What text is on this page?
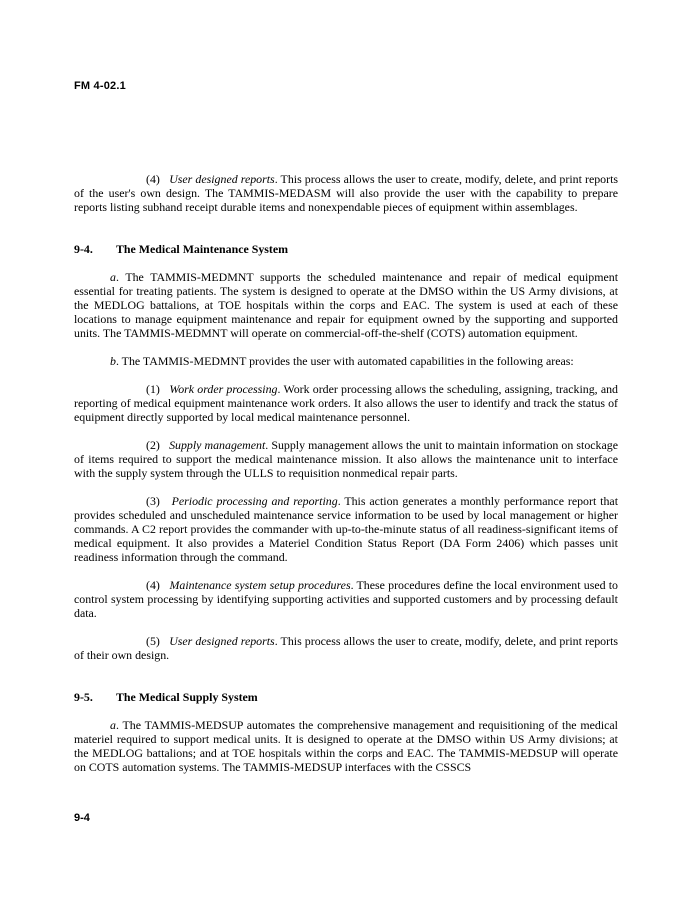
FM 4-02.1

(4) User designed reports. This process allows the user to create, modify, delete, and print reports of the user's own design. The TAMMIS-MEDASM will also provide the user with the capability to prepare reports listing subhand receipt durable items and nonexpendable pieces of equipment within assemblages.

9-4.	The Medical Maintenance System

a. The TAMMIS-MEDMNT supports the scheduled maintenance and repair of medical equipment essential for treating patients. The system is designed to operate at the DMSO within the US Army divisions, at the MEDLOG battalions, at TOE hospitals within the corps and EAC. The system is used at each of these locations to manage equipment maintenance and repair for equipment owned by the supporting and supported units. The TAMMIS-MEDMNT will operate on commercial-off-the-shelf (COTS) automation equipment.

b. The TAMMIS-MEDMNT provides the user with automated capabilities in the following areas:

(1) Work order processing. Work order processing allows the scheduling, assigning, tracking, and reporting of medical equipment maintenance work orders. It also allows the user to identify and track the status of equipment directly supported by local medical maintenance personnel.

(2) Supply management. Supply management allows the unit to maintain information on stockage of items required to support the medical maintenance mission. It also allows the maintenance unit to interface with the supply system through the ULLS to requisition nonmedical repair parts.

(3) Periodic processing and reporting. This action generates a monthly performance report that provides scheduled and unscheduled maintenance service information to be used by local management or higher commands. A C2 report provides the commander with up-to-the-minute status of all readiness-significant items of medical equipment. It also provides a Materiel Condition Status Report (DA Form 2406) which passes unit readiness information through the command.

(4) Maintenance system setup procedures. These procedures define the local environment used to control system processing by identifying supporting activities and supported customers and by processing default data.

(5) User designed reports. This process allows the user to create, modify, delete, and print reports of their own design.

9-5.	The Medical Supply System

a. The TAMMIS-MEDSUP automates the comprehensive management and requisitioning of the medical materiel required to support medical units. It is designed to operate at the DMSO within US Army divisions; at the MEDLOG battalions; and at TOE hospitals within the corps and EAC. The TAMMIS-MEDSUP will operate on COTS automation systems. The TAMMIS-MEDSUP interfaces with the CSSCS

9-4
